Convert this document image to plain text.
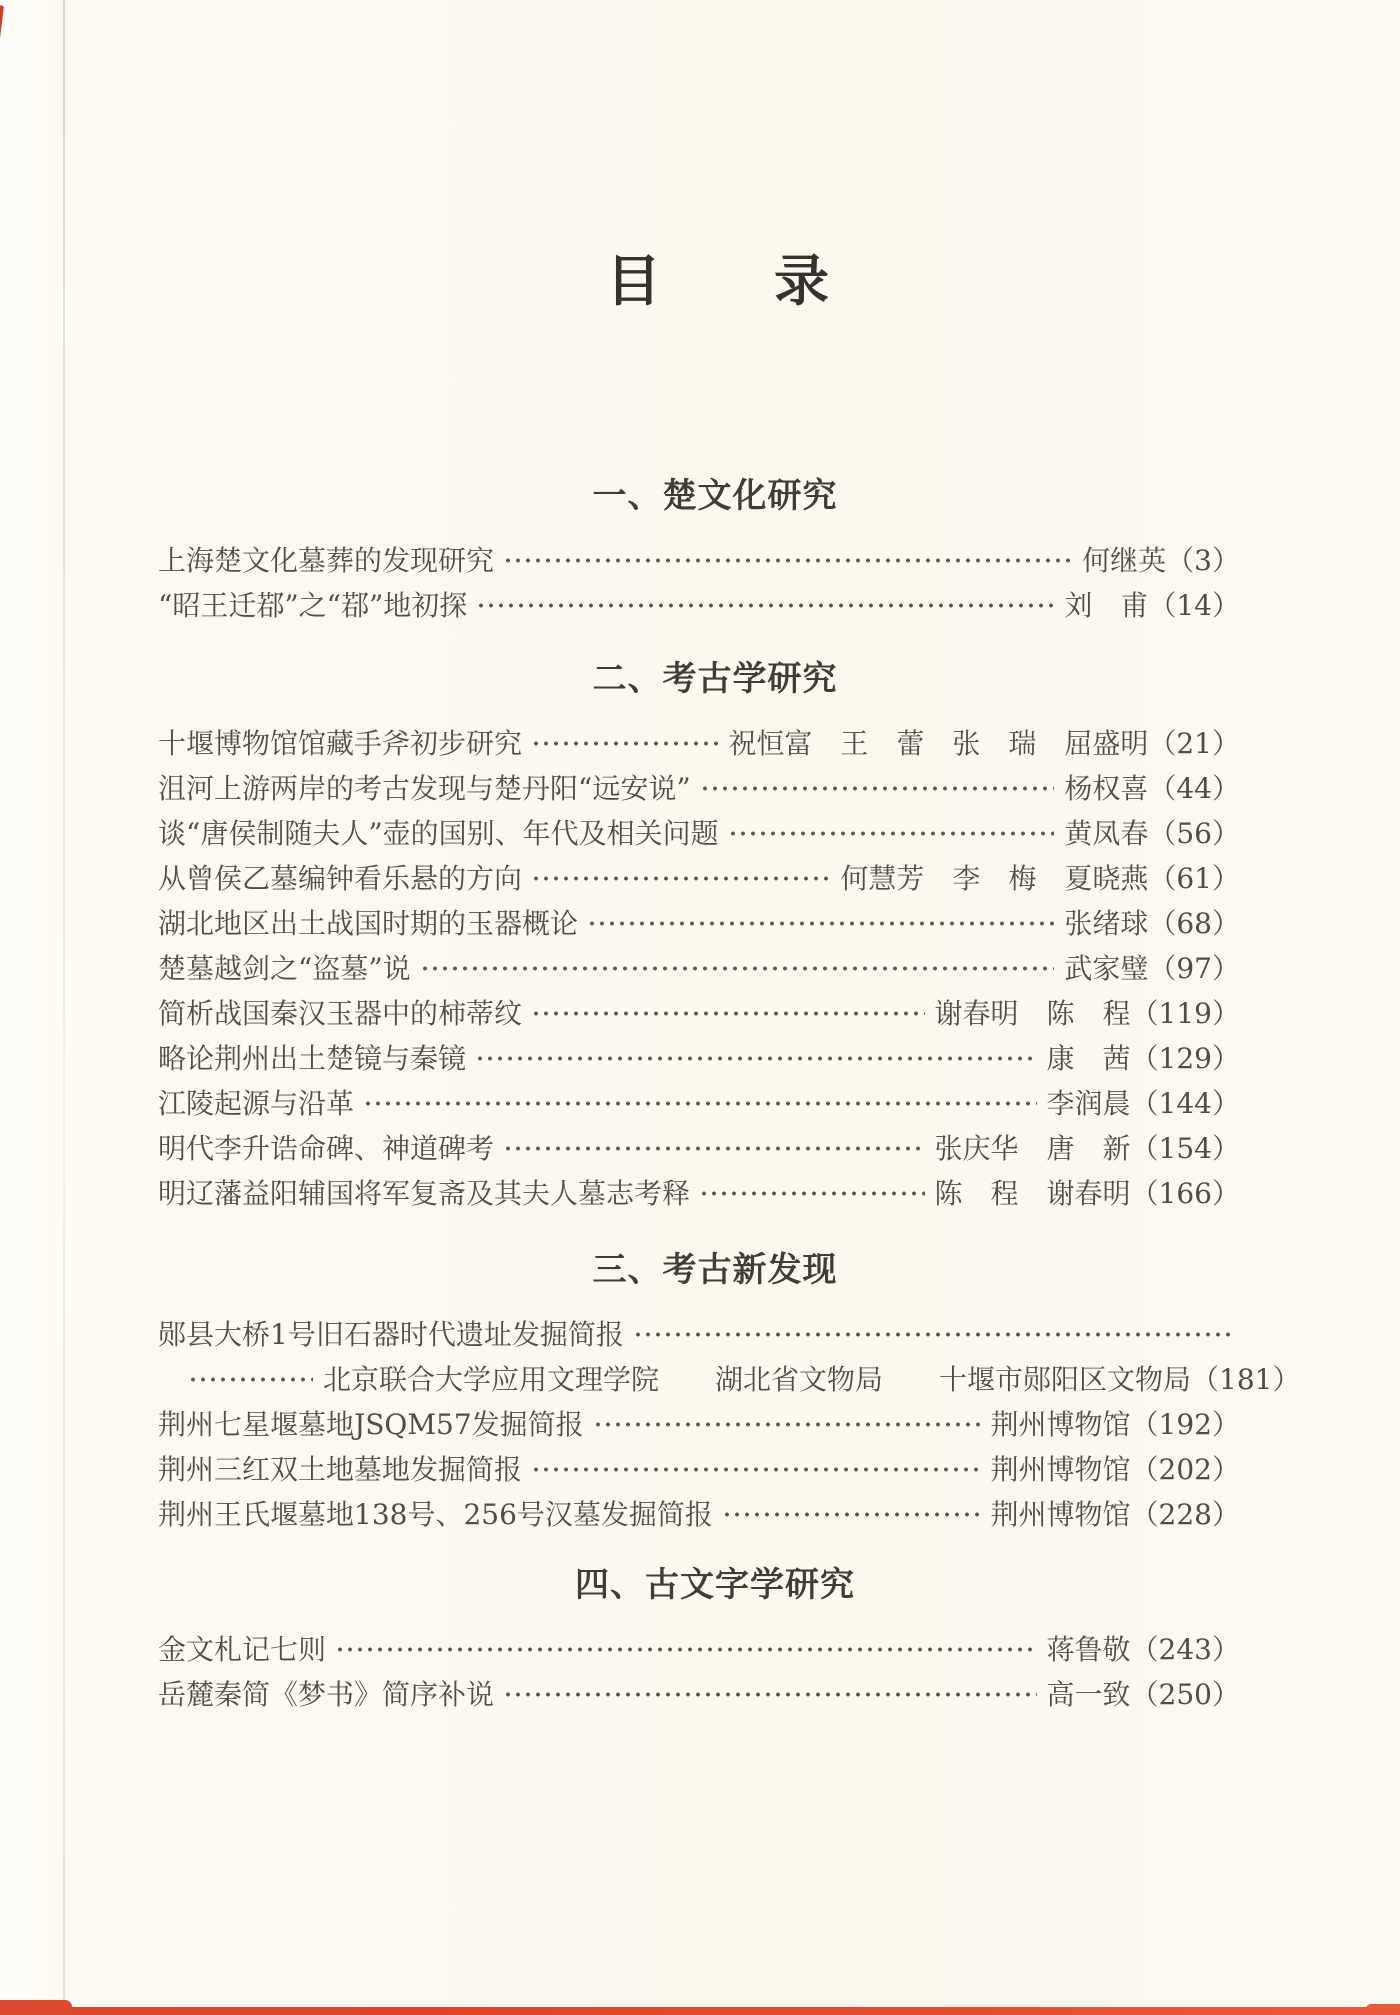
目　　录
一、楚文化研究
上海楚文化墓葬的发现研究	何继英 （3）
“昭王迁鄀”之“鄀”地初探	刘　甫 （14）
二、考古学研究
十堰博物馆馆藏手斧初步研究	祝恒富　王　蕾　张　瑞　屈盛明 （21）
沮河上游两岸的考古发现与楚丹阳“远安说”	杨权喜 （44）
谈“唐侯制随夫人”壶的国别、年代及相关问题	黄凤春 （56）
从曾侯乙墓编钟看乐悬的方向	何慧芳　李　梅　夏晓燕 （61）
湖北地区出土战国时期的玉器概论	张绪球 （68）
楚墓越剑之“盗墓”说	武家璧 （97）
简析战国秦汉玉器中的柿蒂纹	谢春明　陈　程 （119）
略论荆州出土楚镜与秦镜	康　茜 （129）
江陵起源与沿革	李润晨 （144）
明代李升诰命碑、神道碑考	张庆华　唐　新 （154）
明辽藩益阳辅国将军复斋及其夫人墓志考释	陈　程　谢春明 （166）
三、考古新发现
郧县大桥1号旧石器时代遗址发掘简报
北京联合大学应用文理学院　　湖北省文物局　　十堰市郧阳区文物局 （181）
荆州七星堰墓地JSQM57发掘简报	荆州博物馆 （192）
荆州三红双土地墓地发掘简报	荆州博物馆 （202）
荆州王氏堰墓地138号、256号汉墓发掘简报	荆州博物馆 （228）
四、古文字学研究
金文札记七则	蒋鲁敬 （243）
岳麓秦简《梦书》简序补说	高一致 （250）
